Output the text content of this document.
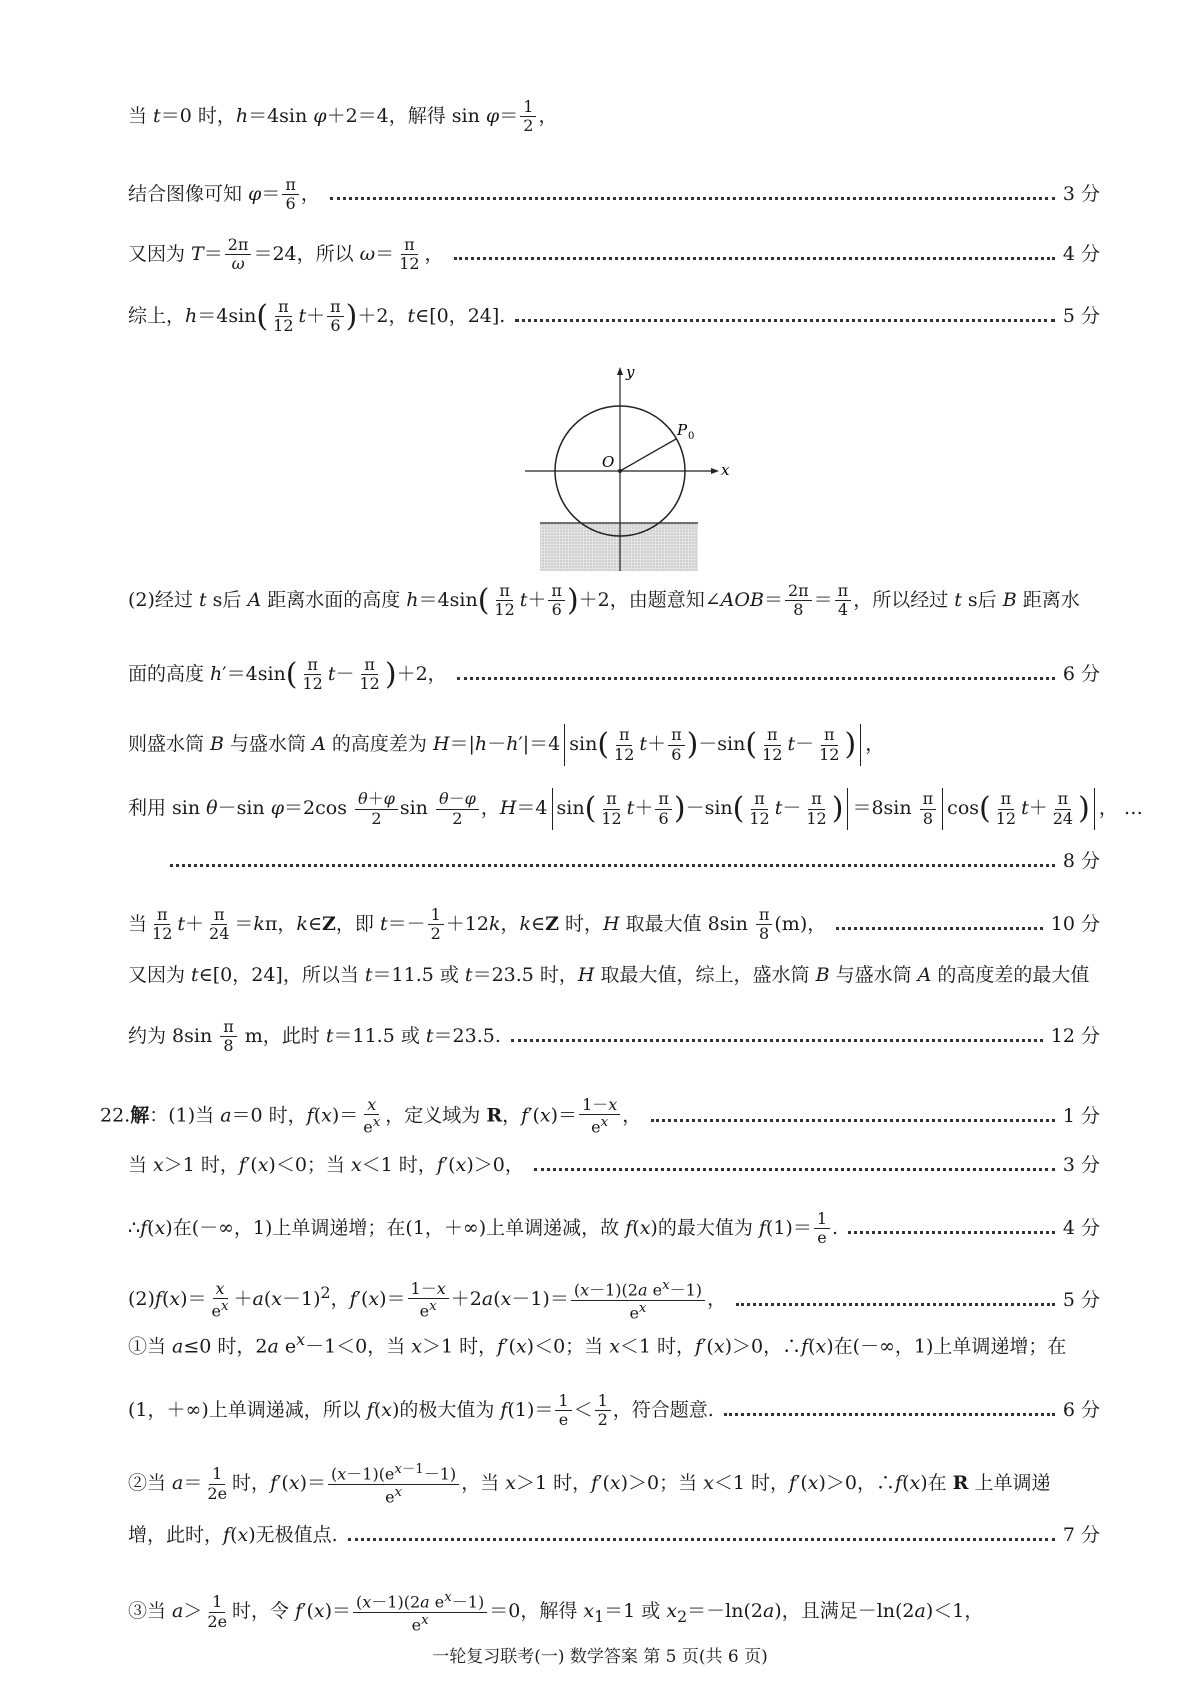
当 t＝0 时，h＝4sin φ＋2＝4，解得 $\sin \varphi= \frac{1}{2}$ ，
结合图像可知 $\varphi= \frac{\pi}{6}$ ，	3 分
又因为 $T= \frac{2\pi}{\omega} =24$，所以 $\omega= \frac{\pi}{12}$ ，	4 分
综上，$h=4\sin( \frac{\pi}{12} t+ \frac{\pi}{6} )+2$，t∈[0，24].	5 分
y
x
O
P 0
(2)经过 t s后 A 距离水面的高度 $h=4\sin( \frac{\pi}{12} t+ \frac{\pi}{6} )+2$，由题意知∠AOB＝ $\frac{2\pi}{8} = \frac{\pi}{4}$ ，所以经过 t s后 B 距离水
面的高度 $h'=4\sin( \frac{\pi}{12} t- \frac{\pi}{12} )+2$，	6 分
则盛水筒 B 与盛水筒 A 的高度差为 H＝|h－h′|＝4 $\sin( \frac{\pi}{12} t+ \frac{\pi}{6} )-\sin( \frac{\pi}{12} t- \frac{\pi}{12}$ ) ，
利用 sin θ－sin $\varphi=2\cos \frac{\theta+\varphi}{2}$ $\sin \frac{\theta-\varphi}{2}$ ，H＝4 $\sin( \frac{\pi}{12} t+ \frac{\pi}{6} )-\sin( \frac{\pi}{12} t- \frac{\pi}{12}$ ) $=8\sin \frac{\pi}{8} \cos( \frac{\pi}{12} t+ \frac{\pi}{24}$ ) ， …
8 分
当 $\frac{\pi}{12} t+ \frac{\pi}{24} =k\pi$，k∈Z，即 $t=- \frac{1}{2} +12k$，k∈Z 时，H 取最大值 $8\sin \frac{\pi}{8} (m)$，	10 分
又因为 t∈[0，24]，所以当 t＝11.5 或 t＝23.5 时，H 取最大值，综上，盛水筒 B 与盛水筒 A 的高度差的最大值
约为 $8\sin \frac{\pi}{8}$ m，此时 t＝11.5 或 t＝23.5.	12 分
22.解：(1)当 a＝0 时，$f(x)= \frac{x}{e^x}$ ，定义域为 R，$f'(x)= \frac{1-x}{e^x}$ ，	1 分
当 x＞1 时，f′(x)＜0；当 x＜1 时，f′(x)＞0，	3 分
∴f(x)在(－∞，1)上单调递增；在(1，＋∞)上单调递减，故 f(x)的最大值为 $f(1)= \frac{1}{e}$ .	4 分
$(2)f(x)= \frac{x}{e^x} +a(x-1)^2$，$f'(x)= \frac{1-x}{e^x} +2a(x-1)= \frac{(x-1)(2a e^x-1)}{e^x}$ ，	5 分
①当 a≤0 时，2a $e^x-1<0$，当 x＞1 时，f′(x)＜0；当 x＜1 时，f′(x)＞0，∴f(x)在(－∞，1)上单调递增；在
(1，＋∞)上单调递减，所以 f(x)的极大值为 $f(1)= \frac{1}{e} < \frac{1}{2}$ ，符合题意.	6 分
②当 $a= \frac{1}{2e}$ 时，$f'(x)= \frac{(x-1)(e^{x-1}-1)}{e^x}$ ，当 x＞1 时，f′(x)＞0；当 x＜1 时，f′(x)＞0，∴f(x)在 R 上单调递
增，此时，f(x)无极值点.	7 分
③当 $a> \frac{1}{2e}$ 时，令 $f'(x)= \frac{(x-1)(2a e^x-1)}{e^x} =0$，解得 $x_1=1$ 或 $x_2=-\ln(2a)$，且满足－ln(2a)＜1，
一轮复习联考(一) 数学答案 第 5 页(共 6 页)
